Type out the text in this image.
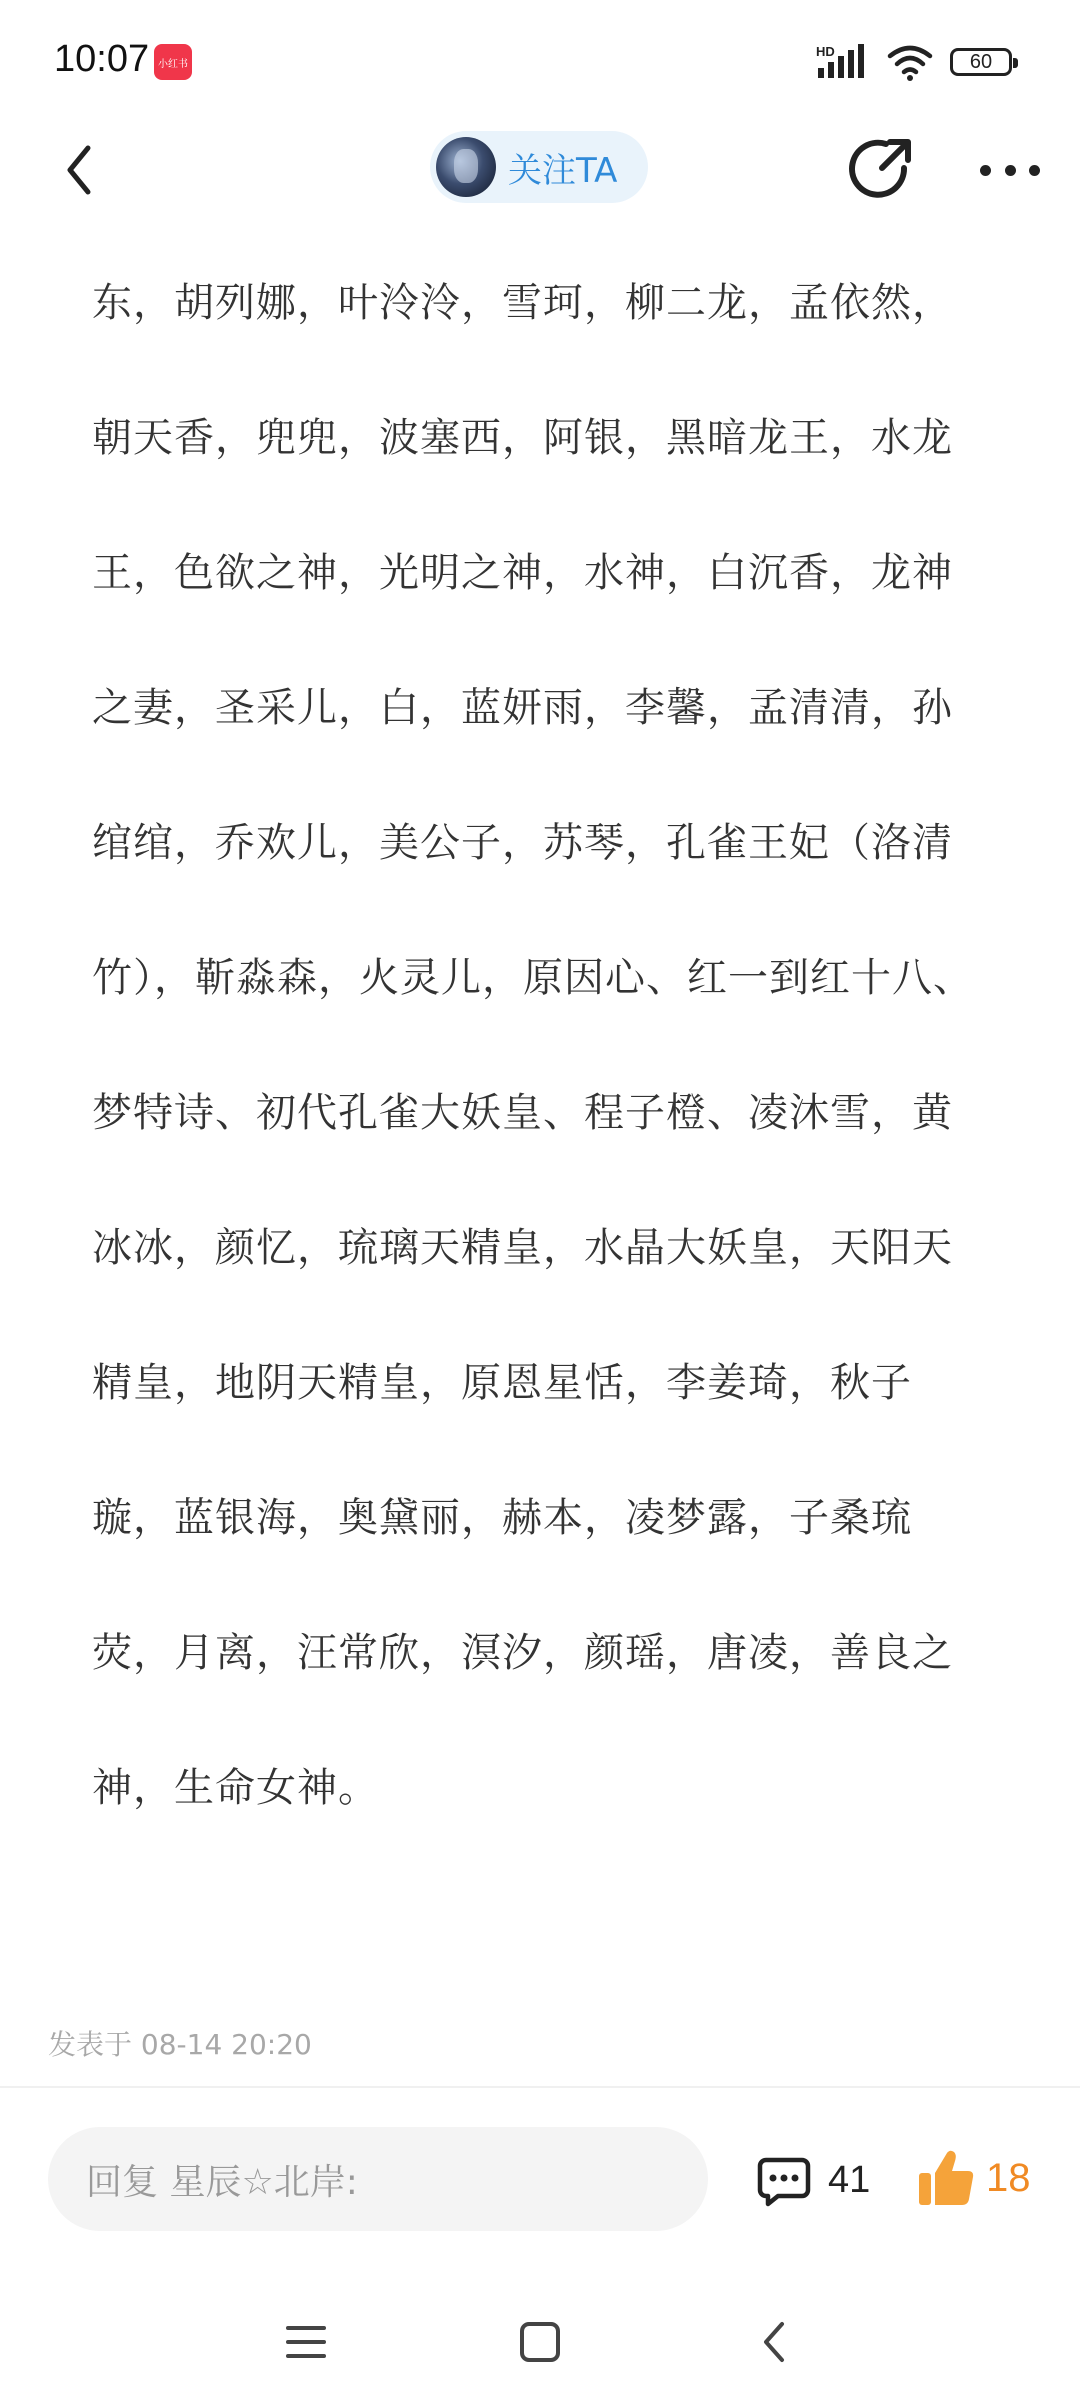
10:07 小红书
HD	60
关注TA

东，胡列娜，叶泠泠，雪珂，柳二龙，孟依然，朝天香，兜兜，波塞西，阿银，黑暗龙王，水龙王，色欲之神，光明之神，水神，白沉香，龙神之妻，圣采儿，白，蓝妍雨，李馨，孟清清，孙绾绾，乔欢儿，美公子，苏琴，孔雀王妃（洛清竹），靳淼森，火灵儿，原因心、红一到红十八、梦特诗、初代孔雀大妖皇、程子橙、凌沐雪，黄冰冰，颜忆，琉璃天精皇，水晶大妖皇，天阳天精皇，地阴天精皇，原恩星恬，李姜琦，秋子璇，蓝银海，奥黛丽，赫本，凌梦露，子桑琉荧，月离，汪常欣，溟汐，颜瑶，唐凌，善良之神，生命女神。

发表于 08-14 20:20
回复 星辰☆北岸:	41	18
